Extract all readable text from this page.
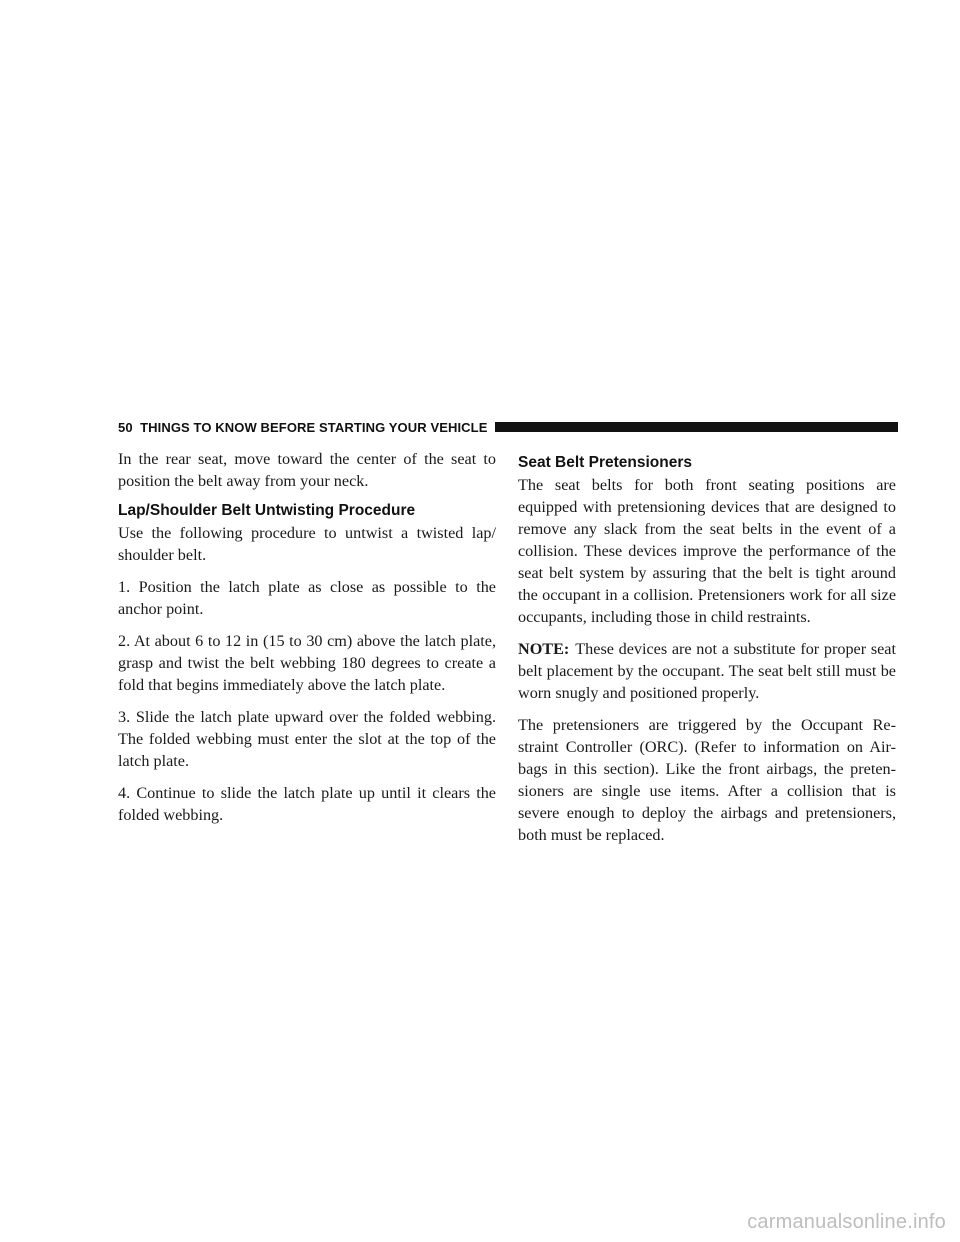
50 THINGS TO KNOW BEFORE STARTING YOUR VEHICLE

In the rear seat, move toward the center of the seat to position the belt away from your neck.

Lap/Shoulder Belt Untwisting Procedure

Use the following procedure to untwist a twisted lap/ shoulder belt.

1. Position the latch plate as close as possible to the anchor point.

2. At about 6 to 12 in (15 to 30 cm) above the latch plate, grasp and twist the belt webbing 180 degrees to create a fold that begins immediately above the latch plate.

3. Slide the latch plate upward over the folded webbing. The folded webbing must enter the slot at the top of the latch plate.

4. Continue to slide the latch plate up until it clears the folded webbing.

Seat Belt Pretensioners

The seat belts for both front seating positions are equipped with pretensioning devices that are designed to remove any slack from the seat belts in the event of a collision. These devices improve the performance of the seat belt system by assuring that the belt is tight around the occupant in a collision. Pretensioners work for all size occupants, including those in child restraints.

NOTE: These devices are not a substitute for proper seat belt placement by the occupant. The seat belt still must be worn snugly and positioned properly.

The pretensioners are triggered by the Occupant Re-straint Controller (ORC). (Refer to information on Air-bags in this section). Like the front airbags, the preten-sioners are single use items. After a collision that is severe enough to deploy the airbags and pretensioners, both must be replaced.

carmanualsonline.info
